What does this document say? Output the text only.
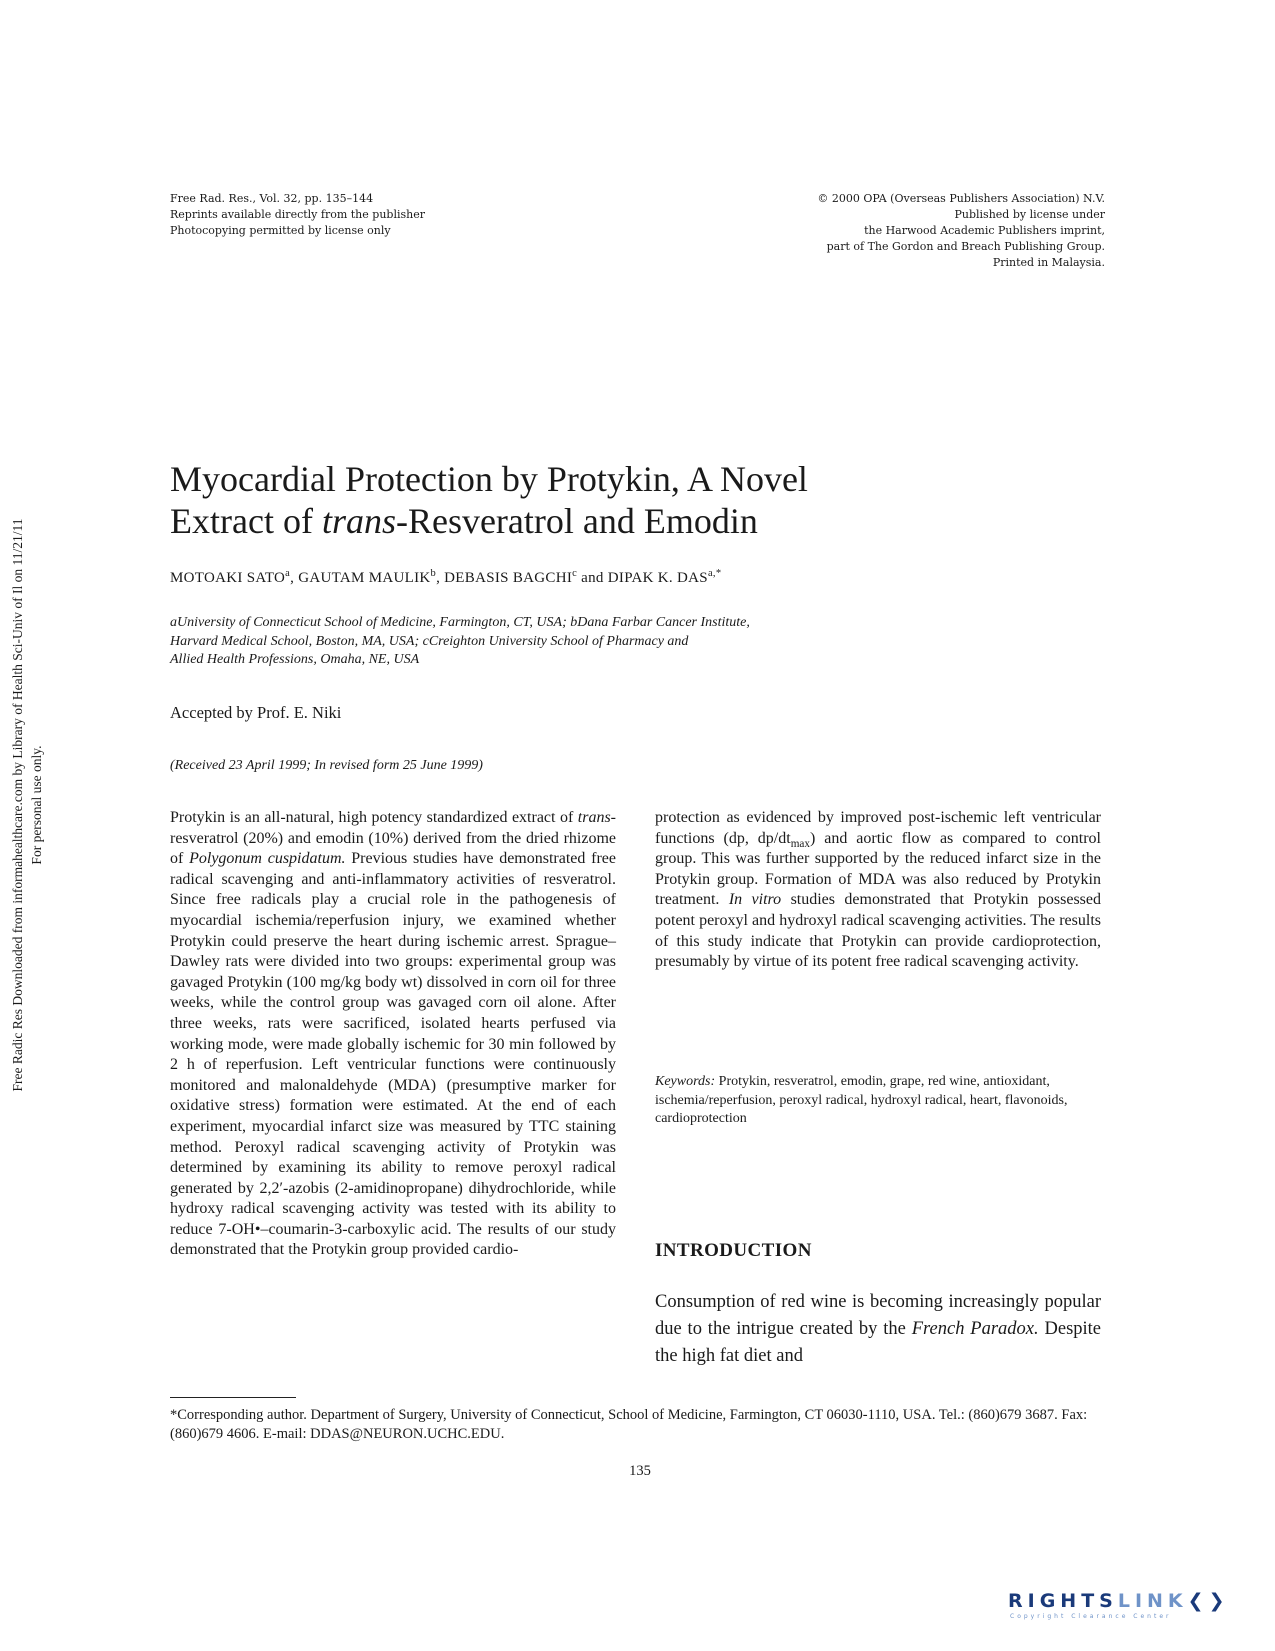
Free Rad. Res., Vol. 32, pp. 135–144
Reprints available directly from the publisher
Photocopying permitted by license only
© 2000 OPA (Overseas Publishers Association) N.V.
Published by license under
the Harwood Academic Publishers imprint,
part of The Gordon and Breach Publishing Group.
Printed in Malaysia.
Free Radic Res Downloaded from informahealthcare.com by Library of Health Sci-Univ of Il on 11/21/11 For personal use only.
Myocardial Protection by Protykin, A Novel
Extract of trans-Resveratrol and Emodin
MOTOAKI SATO$^a$, GAUTAM MAULIK$^b$, DEBASIS BAGCHI$^c$ and DIPAK K. $DAS^{a,*}$
aUniversity of Connecticut School of Medicine, Farmington, CT, USA; bDana Farbar Cancer Institute,
Harvard Medical School, Boston, MA, USA; cCreighton University School of Pharmacy and
Allied Health Professions, Omaha, NE, USA
Accepted by Prof. E. Niki
(Received 23 April 1999; In revised form 25 June 1999)
Protykin is an all-natural, high potency standardized extract of trans-resveratrol (20%) and emodin (10%) derived from the dried rhizome of Polygonum cuspidatum. Previous studies have demonstrated free radical scavenging and anti-inflammatory activities of resveratrol. Since free radicals play a crucial role in the pathogenesis of myocardial ischemia/reperfusion injury, we examined whether Protykin could preserve the heart during ischemic arrest. Sprague–Dawley rats were divided into two groups: experimental group was gavaged Protykin (100 mg/kg body wt) dissolved in corn oil for three weeks, while the control group was gavaged corn oil alone. After three weeks, rats were sacrificed, isolated hearts perfused via working mode, were made globally ischemic for 30 min followed by 2 h of reperfusion. Left ventricular functions were continuously monitored and malonaldehyde (MDA) (presumptive marker for oxidative stress) formation were estimated. At the end of each experiment, myocardial infarct size was measured by TTC staining method. Peroxyl radical scavenging activity of Protykin was determined by examining its ability to remove peroxyl radical generated by 2,2′-azobis (2-amidinopropane) dihydrochloride, while hydroxy radical scavenging activity was tested with its ability to reduce 7-OH•–coumarin-3-carboxylic acid. The results of our study demonstrated that the Protykin group provided cardio-
protection as evidenced by improved post-ischemic left ventricular functions (dp, $dp/dt_{max}$) and aortic flow as compared to control group. This was further supported by the reduced infarct size in the Protykin group. Formation of MDA was also reduced by Protykin treatment. In vitro studies demonstrated that Protykin possessed potent peroxyl and hydroxyl radical scavenging activities. The results of this study indicate that Protykin can provide cardioprotection, presumably by virtue of its potent free radical scavenging activity.
Keywords: Protykin, resveratrol, emodin, grape, red wine, antioxidant, ischemia/reperfusion, peroxyl radical, hydroxyl radical, heart, flavonoids, cardioprotection
INTRODUCTION
Consumption of red wine is becoming increasingly popular due to the intrigue created by the French Paradox. Despite the high fat diet and
*Corresponding author. Department of Surgery, University of Connecticut, School of Medicine, Farmington, CT 06030-1110, USA. Tel.: (860)679 3687. Fax: (860)679 4606. E-mail: DDAS@NEURON.UCHC.EDU.
135
RIGHTSLINK❮❯
Copyright Clearance Center
